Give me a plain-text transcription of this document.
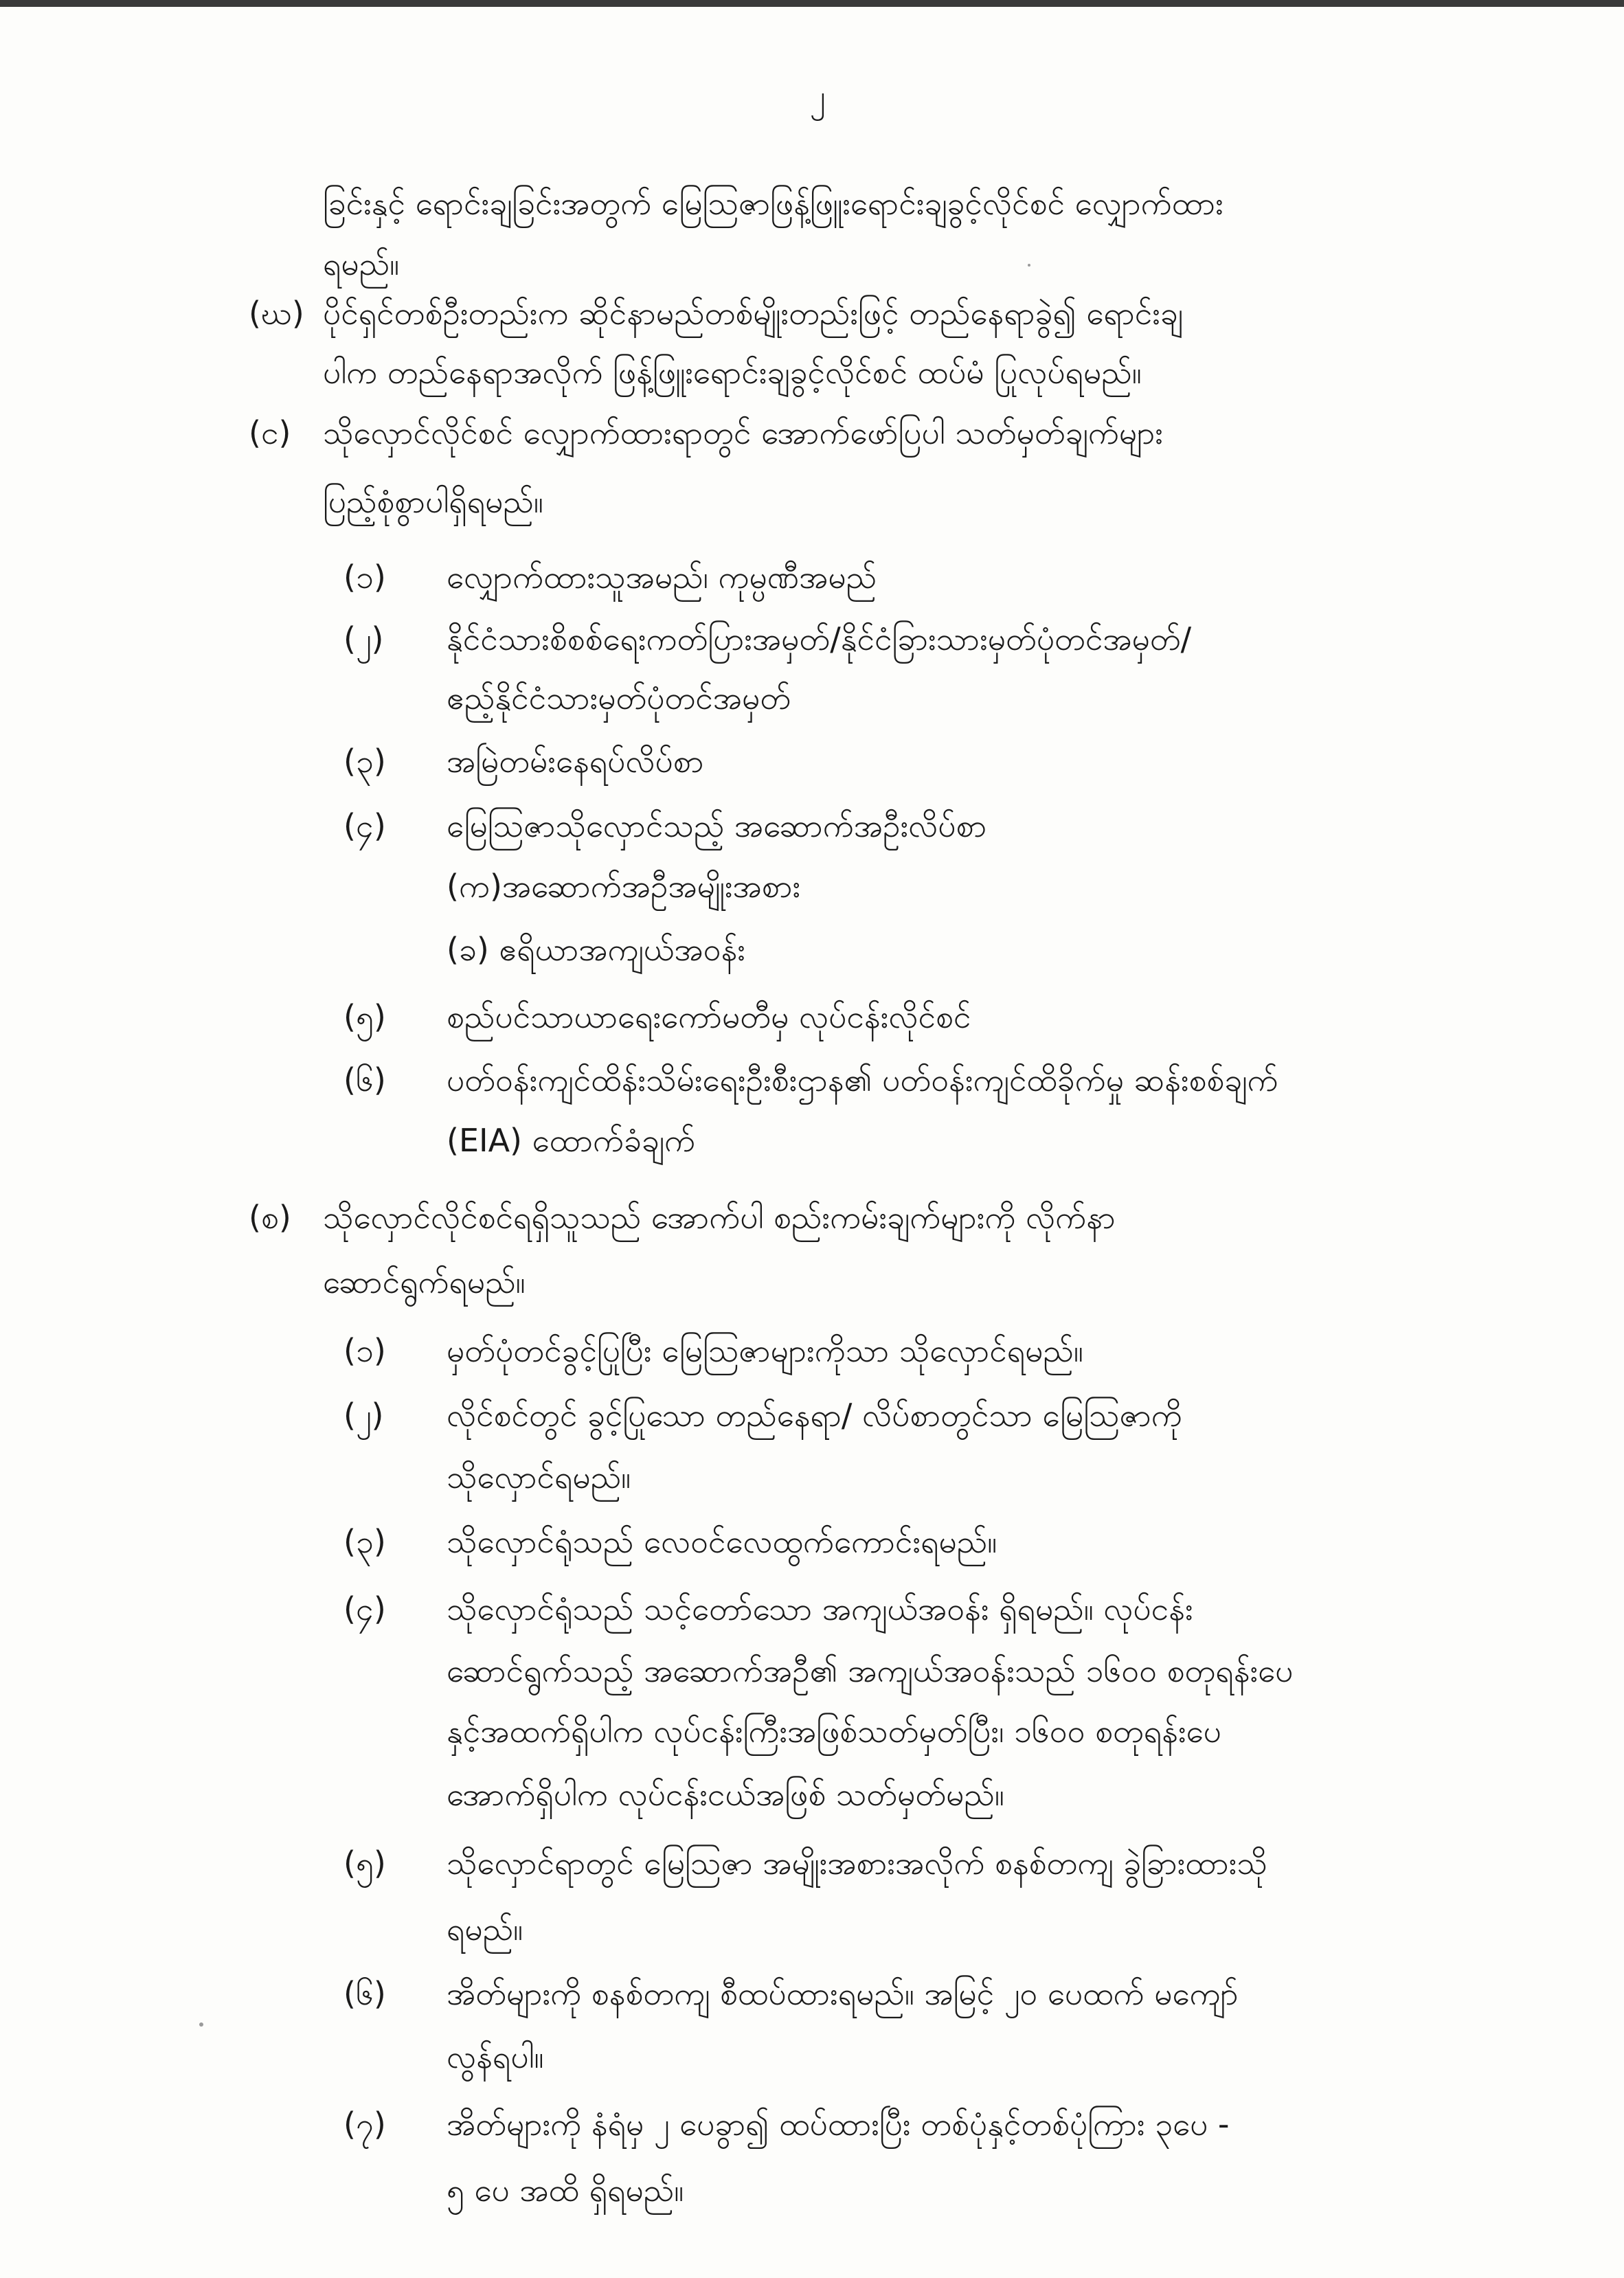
၂
ခြင်းနှင့် ရောင်းချခြင်းအတွက် မြေသြဇာဖြန့်ဖြူးရောင်းချခွင့်လိုင်စင် လျှောက်ထား
ရမည်။
(ဃ) ပိုင်ရှင်တစ်ဦးတည်းက ဆိုင်နာမည်တစ်မျိုးတည်းဖြင့် တည်နေရာခွဲ၍ ရောင်းချ
ပါက တည်နေရာအလိုက် ဖြန့်ဖြူးရောင်းချခွင့်လိုင်စင် ထပ်မံ ပြုလုပ်ရမည်။
(င) သိုလှောင်လိုင်စင် လျှောက်ထားရာတွင် အောက်ဖော်ပြပါ သတ်မှတ်ချက်များ
ပြည့်စုံစွာပါရှိရမည်။
(၁) လျှောက်ထားသူအမည်၊ ကုမ္ပဏီအမည်
(၂) နိုင်ငံသားစိစစ်ရေးကတ်ပြားအမှတ်/နိုင်ငံခြားသားမှတ်ပုံတင်အမှတ်/
ဧည့်နိုင်ငံသားမှတ်ပုံတင်အမှတ်
(၃) အမြဲတမ်းနေရပ်လိပ်စာ
(၄) မြေသြဇာသိုလှောင်သည့် အဆောက်အဦးလိပ်စာ
(က)အဆောက်အဦအမျိုးအစား
(ခ) ဧရိယာအကျယ်အဝန်း
(၅) စည်ပင်သာယာရေးကော်မတီမှ လုပ်ငန်းလိုင်စင်
(၆) ပတ်ဝန်းကျင်ထိန်းသိမ်းရေးဦးစီးဌာန၏ ပတ်ဝန်းကျင်ထိခိုက်မှု ဆန်းစစ်ချက်
(EIA) ထောက်ခံချက်
(စ) သိုလှောင်လိုင်စင်ရရှိသူသည် အောက်ပါ စည်းကမ်းချက်များကို လိုက်နာ
ဆောင်ရွက်ရမည်။
(၁) မှတ်ပုံတင်ခွင့်ပြုပြီး မြေသြဇာများကိုသာ သိုလှောင်ရမည်။
(၂) လိုင်စင်တွင် ခွင့်ပြုသော တည်နေရာ/ လိပ်စာတွင်သာ မြေသြဇာကို
သိုလှောင်ရမည်။
(၃) သိုလှောင်ရုံသည် လေဝင်လေထွက်ကောင်းရမည်။
(၄) သိုလှောင်ရုံသည် သင့်တော်သော အကျယ်အဝန်း ရှိရမည်။ လုပ်ငန်း
ဆောင်ရွက်သည့် အဆောက်အဦ၏ အကျယ်အဝန်းသည် ၁၆၀၀ စတုရန်းပေ
နှင့်အထက်ရှိပါက လုပ်ငန်းကြီးအဖြစ်သတ်မှတ်ပြီး၊ ၁၆၀၀ စတုရန်းပေ
အောက်ရှိပါက လုပ်ငန်းငယ်အဖြစ် သတ်မှတ်မည်။
(၅) သိုလှောင်ရာတွင် မြေသြဇာ အမျိုးအစားအလိုက် စနစ်တကျ ခွဲခြားထားသို
ရမည်။
(၆) အိတ်များကို စနစ်တကျ စီထပ်ထားရမည်။ အမြင့် ၂၀ ပေထက် မကျော်
လွန်ရပါ။
(၇) အိတ်များကို နံရံမှ ၂ ပေခွာ၍ ထပ်ထားပြီး တစ်ပုံနှင့်တစ်ပုံကြား ၃ပေ -
၅ ပေ အထိ ရှိရမည်။
